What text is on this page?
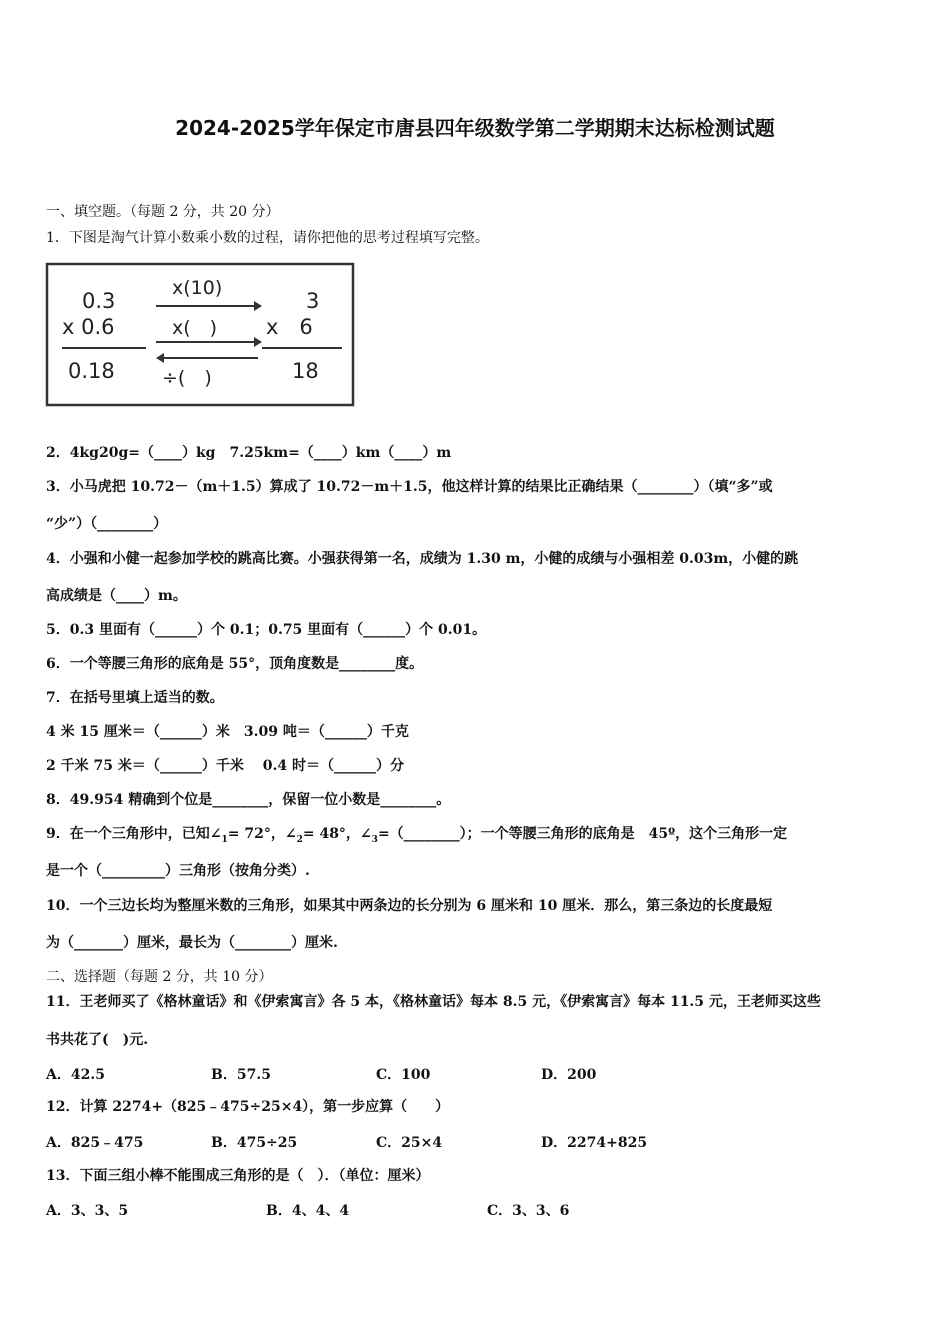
2024-2025学年保定市唐县四年级数学第二学期期末达标检测试题
一、填空题。（每题 2 分，共 20 分）
1．下图是淘气计算小数乘小数的过程，请你把他的思考过程填写完整。
0.3
x 0.6
0.18
x(10)
x(　)
÷(　)
3
x　6
18
2．4kg20g=（____）kg　7.25km=（____）km（____）m
3．小马虎把 10.72－（m＋1.5）算成了 10.72－m＋1.5，他这样计算的结果比正确结果（________）（填“多”或
“少”）（________）
4．小强和小健一起参加学校的跳高比赛。小强获得第一名，成绩为 1.30 m，小健的成绩与小强相差 0.03m，小健的跳
高成绩是（____）m。
5．0.3 里面有（______）个 0.1；0.75 里面有（______）个 0.01。
6．一个等腰三角形的底角是 55°，顶角度数是________度。
7．在括号里填上适当的数。
4 米 15 厘米＝（______）米　3.09 吨＝（______）千克
2 千米 75 米＝（______）千米　 0.4 时＝（______）分
8．49.954 精确到个位是________，保留一位小数是________。
9．在一个三角形中，已知$\angle_1= 72^\circ$，$\angle_2= 48^\circ$，$\angle_3=(\_\_\_\_\_\_\_\_)$；一个等腰三角形的底角是　45º，这个三角形一定
是一个（_________）三角形（按角分类）.
10．一个三边长均为整厘米数的三角形，如果其中两条边的长分别为 6 厘米和 10 厘米．那么，第三条边的长度最短
为（_______）厘米，最长为（________）厘米.
二、选择题（每题 2 分，共 10 分）
11．王老师买了《格林童话》和《伊索寓言》各 5 本，《格林童话》每本 8.5 元，《伊索寓言》每本 11.5 元，王老师买这些
书共花了(　)元.
A．42.5	B．57.5	C．100	D．200
12．计算 2274+（825﹣475÷25×4），第一步应算（　　）
A．825﹣475	B．475÷25	C．25×4	D．2274+825
13．下面三组小棒不能围成三角形的是（　）．（单位：厘米）
A．3、3、5	B．4、4、4	C．3、3、6
